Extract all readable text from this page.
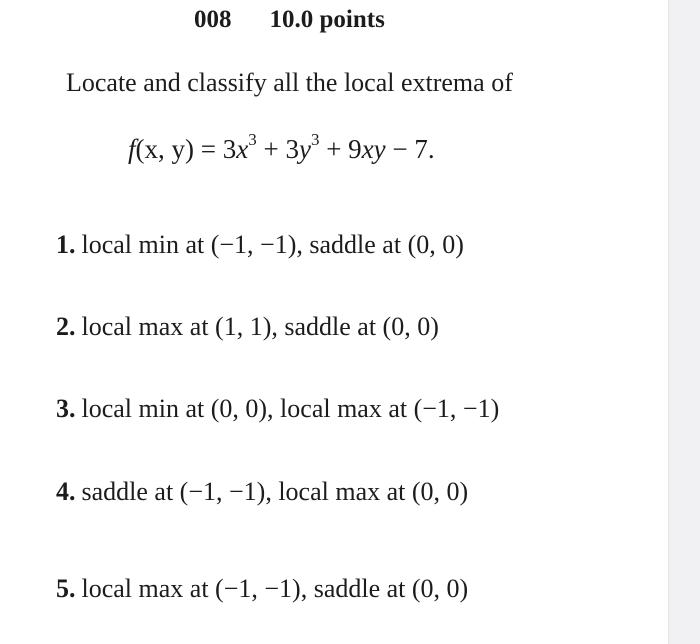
008 10.0 points
Locate and classify all the local extrema of
f(x, $y) = 3x^3 + 3y^3 + 9xy - 7$.
1. local min at (−1, −1), saddle at (0, 0)
2. local max at (1, 1), saddle at (0, 0)
3. local min at (0, 0), local max at (−1, −1)
4. saddle at (−1, −1), local max at (0, 0)
5. local max at (−1, −1), saddle at (0, 0)
